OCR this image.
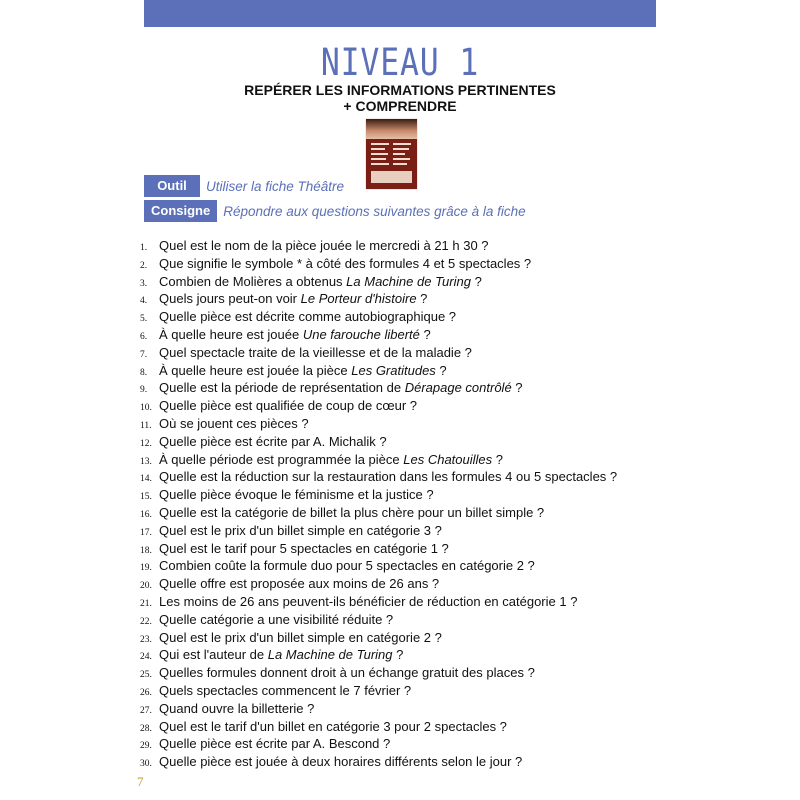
NIVEAU 1
REPÉRER LES INFORMATIONS PERTINENTES
+ COMPRENDRE
Outil	Utiliser la fiche Théâtre
Consigne Répondre aux questions suivantes grâce à la fiche
1. Quel est le nom de la pièce jouée le mercredi à 21 h 30 ?
2. Que signifie le symbole * à côté des formules 4 et 5 spectacles ?
3. Combien de Molières a obtenus La Machine de Turing ?
4. Quels jours peut-on voir Le Porteur d'histoire ?
5. Quelle pièce est décrite comme autobiographique ?
6. À quelle heure est jouée Une farouche liberté ?
7. Quel spectacle traite de la vieillesse et de la maladie ?
8. À quelle heure est jouée la pièce Les Gratitudes ?
9. Quelle est la période de représentation de Dérapage contrôlé ?
10. Quelle pièce est qualifiée de coup de cœur ?
11. Où se jouent ces pièces ?
12. Quelle pièce est écrite par A. Michalik ?
13. À quelle période est programmée la pièce Les Chatouilles ?
14. Quelle est la réduction sur la restauration dans les formules 4 ou 5 spectacles ?
15. Quelle pièce évoque le féminisme et la justice ?
16. Quelle est la catégorie de billet la plus chère pour un billet simple ?
17. Quel est le prix d'un billet simple en catégorie 3 ?
18. Quel est le tarif pour 5 spectacles en catégorie 1 ?
19. Combien coûte la formule duo pour 5 spectacles en catégorie 2 ?
20. Quelle offre est proposée aux moins de 26 ans ?
21. Les moins de 26 ans peuvent-ils bénéficier de réduction en catégorie 1 ?
22. Quelle catégorie a une visibilité réduite ?
23. Quel est le prix d'un billet simple en catégorie 2 ?
24. Qui est l'auteur de La Machine de Turing ?
25. Quelles formules donnent droit à un échange gratuit des places ?
26. Quels spectacles commencent le 7 février ?
27. Quand ouvre la billetterie ?
28. Quel est le tarif d'un billet en catégorie 3 pour 2 spectacles ?
29. Quelle pièce est écrite par A. Bescond ?
30. Quelle pièce est jouée à deux horaires différents selon le jour ?
7
